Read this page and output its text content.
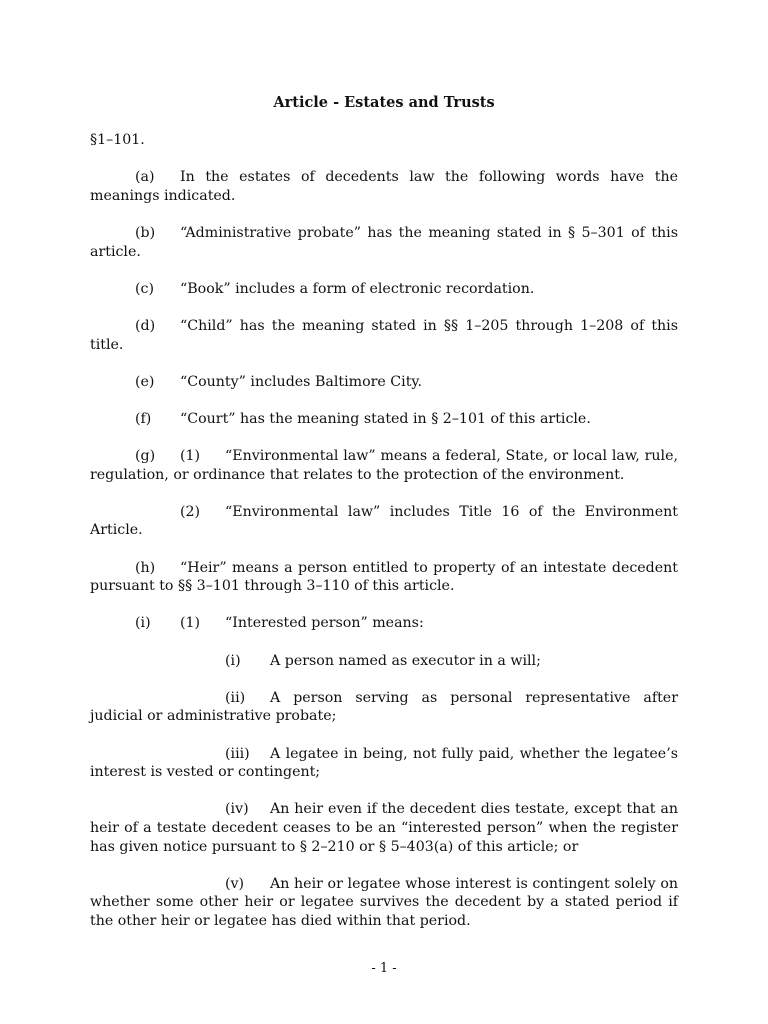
Article - Estates and Trusts
§1–101.

(a) In the estates of decedents law the following words have the meanings indicated.

(b) “Administrative probate” has the meaning stated in § 5–301 of this article.

(c) “Book” includes a form of electronic recordation.

(d) “Child” has the meaning stated in §§ 1–205 through 1–208 of this title.

(e) “County” includes Baltimore City.

(f) “Court” has the meaning stated in § 2–101 of this article.

(g) (1) “Environmental law” means a federal, State, or local law, rule, regulation, or ordinance that relates to the protection of the environment.

(2) “Environmental law” includes Title 16 of the Environment Article.

(h) “Heir” means a person entitled to property of an intestate decedent pursuant to §§ 3–101 through 3–110 of this article.

(i) (1) “Interested person” means:

(i) A person named as executor in a will;

(ii) A person serving as personal representative after judicial or administrative probate;

(iii) A legatee in being, not fully paid, whether the legatee’s interest is vested or contingent;

(iv) An heir even if the decedent dies testate, except that an heir of a testate decedent ceases to be an “interested person” when the register has given notice pursuant to § 2–210 or § 5–403(a) of this article; or

(v) An heir or legatee whose interest is contingent solely on whether some other heir or legatee survives the decedent by a stated period if the other heir or legatee has died within that period.

- 1 -
